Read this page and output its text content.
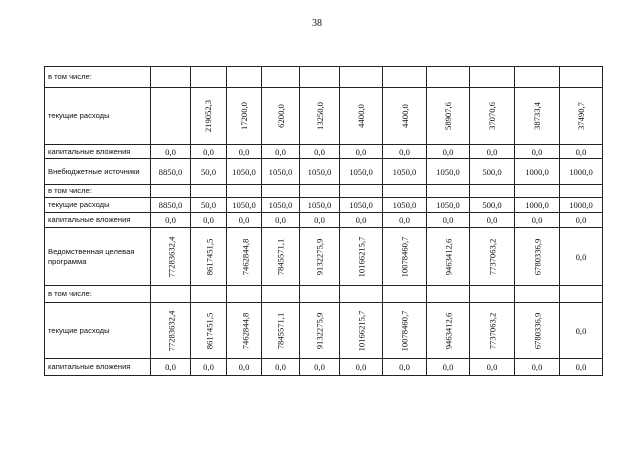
38
в том числе:												
текущие расходы		219052,3	17200,0	6200,0	13250,0	4400,0	4400,0	58907,6	37070,6	38733,4	37490,7	
капитальные вложения	0,0	0,0	0,0	0,0	0,0	0,0	0,0	0,0	0,0	0,0	0,0	
Внебюджетные источники	8850,0	50,0	1050,0	1050,0	1050,0	1050,0	1050,0	1050,0	500,0	1000,0	1000,0	
в том числе:												
текущие расходы	8850,0	50,0	1050,0	1050,0	1050,0	1050,0	1050,0	1050,0	500,0	1000,0	1000,0	
капитальные вложения	0,0	0,0	0,0	0,0	0,0	0,0	0,0	0,0	0,0	0,0	0,0	
Ведомственная целевая программа	77283632,4	8617451,5	7462844,8	7845571,1	9132275,9	10166215,7	10078460,7	9463412,6	7737063,2	6780336,9	0,0	
в том числе:												
текущие расходы	77283632,4	8617451,5	7462844,8	7845571,1	9132275,9	10166215,7	10078460,7	9463412,6	7737063,2	6780336,9	0,0	
капитальные вложения	0,0	0,0	0,0	0,0	0,0	0,0	0,0	0,0	0,0	0,0	0,0	
